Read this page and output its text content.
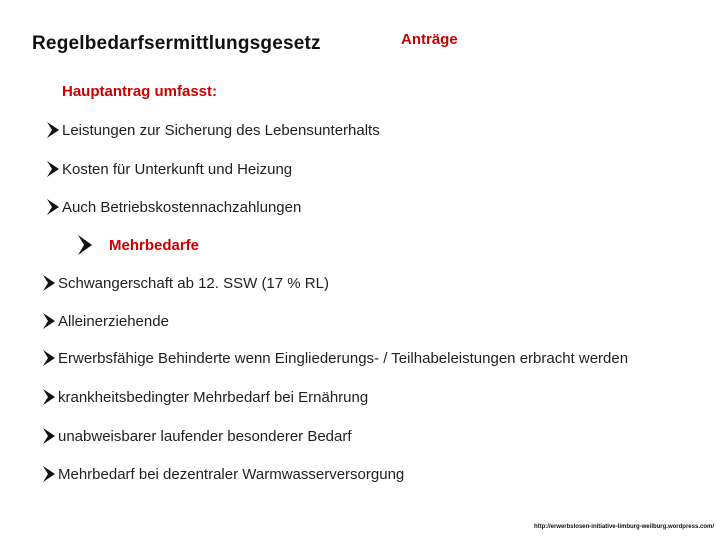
Regelbedarfsermittlungsgesetz	Anträge
Hauptantrag umfasst:
Leistungen zur Sicherung des Lebensunterhalts
Kosten für Unterkunft und Heizung
Auch Betriebskostennachzahlungen
Mehrbedarfe
Schwangerschaft ab 12. SSW (17 % RL)
Alleinerziehende
Erwerbsfähige Behinderte wenn Eingliederungs- / Teilhabeleistungen erbracht werden
krankheitsbedingter Mehrbedarf bei Ernährung
unabweisbarer laufender besonderer Bedarf
Mehrbedarf bei dezentraler Warmwasserversorgung
http://erwerbslosen-initiative-limburg-weilburg.wordpress.com/
